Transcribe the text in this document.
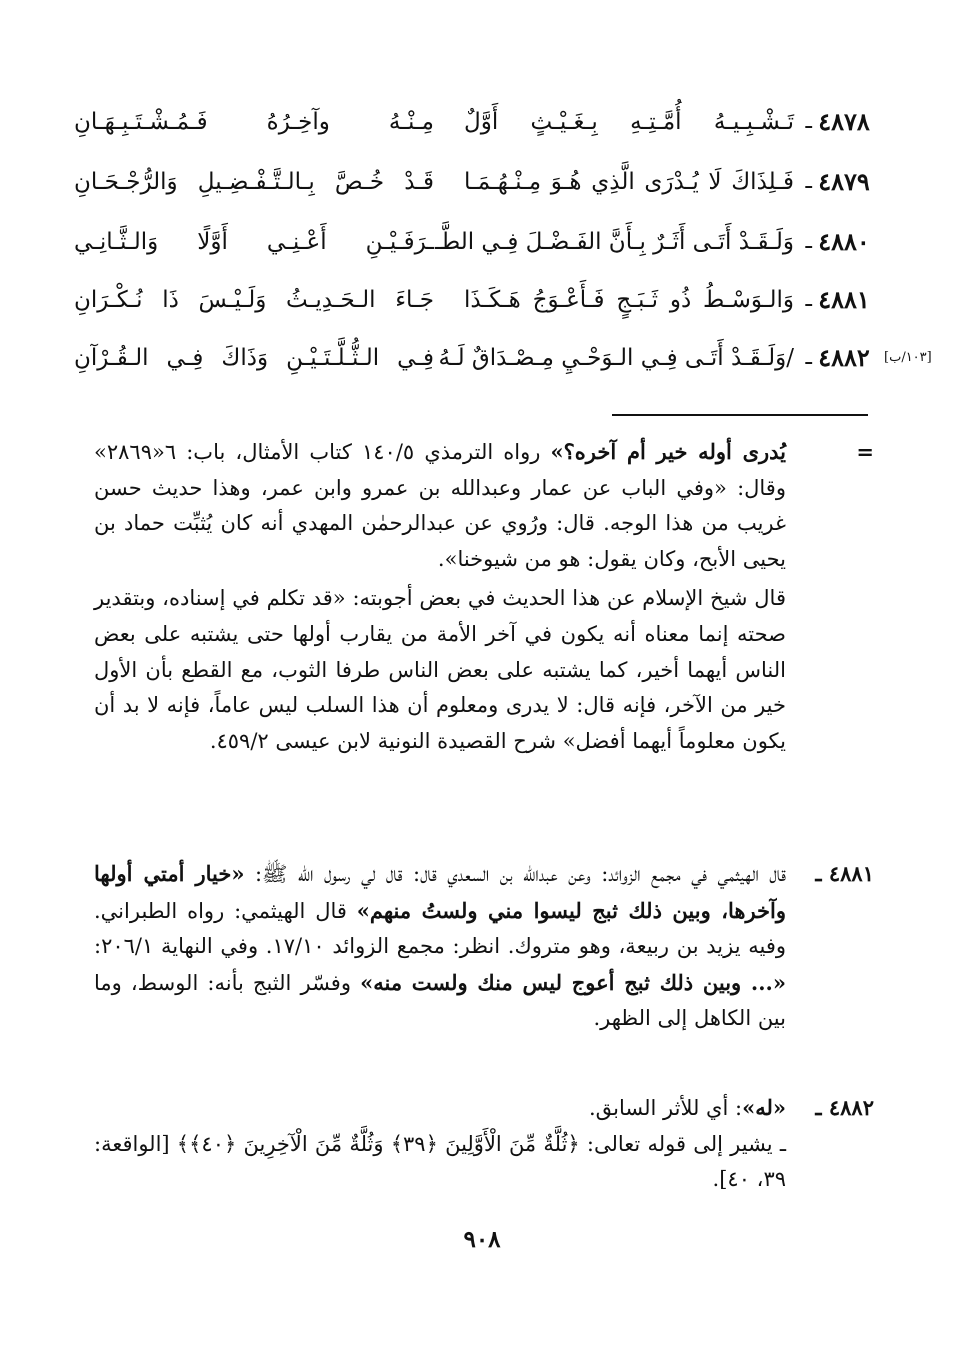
٤٨٧٨
ـ
تَـشْـبِـيـهُ أُمَّـتِـهِ بِـغَـيْـثٍ أَوَّلٌ
مِـنْـهُ وآخِـرُهُ فَـمُـشْـتَـبِـهَـانِ
٤٨٧٩
ـ
فَـلِذَاكَ لَا يُـدْرَى الَّذِي هُـوَ مِـنْـهُـمَـا
قَـدْ خُـصَّ بِـالـتَّـفْـضِـيلِ وَالرُّجْـحَـانِ
٤٨٨٠
ـ
وَلَـقَـدْ أَتَـى أَثَـرٌ بِـأَنَّ الفَـضْـلَ فِـي الطَّـ
ـرَفَـيْـنِ أَعْـنِـي أَوَّلًا وَالـثَّـانِـي
٤٨٨١
ـ
وَالـوَسْـطُ ذُو ثَـبَـجٍ فَـأَعْـوَجُ هَـكَـذَا
جَـاءَ الـحَـدِيـثُ وَلَـيْـسَ ذَا نُـكْـرَانِ
٤٨٨٢
ـ
/وَلَـقَـدْ أَتَـى فِـي الـوَحْـيِ مِـصْـدَاقٌ لَـهُ
فِـي الـثُّـلَّـتَـيْـنِ وَذَاكَ فِـي الـقُـرْآنِ	[١٠٣/ب]
=
يُدرى أوله خير أم آخره؟» رواه الترمذي ١٤٠/٥ كتاب الأمثال، باب: ٦«٢٨٦٩» وقال: «وفي الباب عن عمار وعبدالله بن عمرو وابن عمر، وهذا حديث حسن غريب من هذا الوجه. قال: ورُوي عن عبدالرحمٰن المهدي أنه كان يُثبِّت حماد بن يحيى الأبح، وكان يقول: هو من شيوخنا».
قال شيخ الإسلام عن هذا الحديث في بعض أجوبته: «قد تكلم في إسناده، وبتقدير صحته إنما معناه أنه يكون في آخر الأمة من يقارب أولها حتى يشتبه على بعض الناس أيهما أخير، كما يشتبه على بعض الناس طرفا الثوب، مع القطع بأن الأول خير من الآخر، فإنه قال: لا يدرى ومعلوم أن هذا السلب ليس عاماً، فإنه لا بد أن يكون معلوماً أيهما أفضل» شرح القصيدة النونية لابن عيسى ٤٥٩/٢.
٤٨٨١ ـ
قال الهيثمي في مجمع الزوائد: وعن عبدالله بن السعدي قال: قال لي رسول الله ﷺ: «خيار أمتي أولها وآخرها، وبين ذلك ثبج ليسوا مني ولستُ منهم» قال الهيثمي: رواه الطبراني. وفيه يزيد بن ربيعة، وهو متروك. انظر: مجمع الزوائد ١٧/١٠. وفي النهاية ٢٠٦/١: «... وبين ذلك ثبج أعوج ليس منك ولست منه» وفسّر الثبج بأنه: الوسط، وما بين الكاهل إلى الظهر.
٤٨٨٢ ـ
«له»: أي للأثر السابق.
ـ يشير إلى قوله تعالى: ﴿ثُلَّةٌ مِّنَ الْأَوَّلِينَ ﴿٣٩﴾ وَثُلَّةٌ مِّنَ الْآخِرِينَ ﴿٤٠﴾﴾ [الواقعة: ٣٩، ٤٠].
٩٠٨
